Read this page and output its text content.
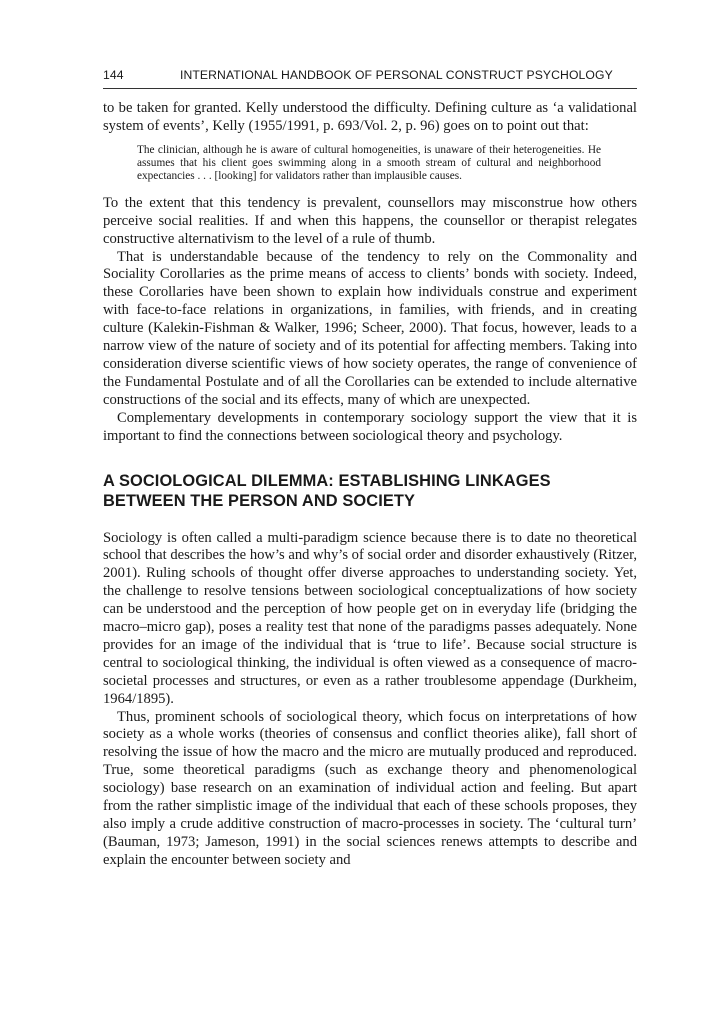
144	INTERNATIONAL HANDBOOK OF PERSONAL CONSTRUCT PSYCHOLOGY

to be taken for granted. Kelly understood the difficulty. Defining culture as ‘a validational system of events’, Kelly (1955/1991, p. 693/Vol. 2, p. 96) goes on to point out that:

The clinician, although he is aware of cultural homogeneities, is unaware of their heterogeneities. He assumes that his client goes swimming along in a smooth stream of cultural and neighborhood expectancies . . . [looking] for validators rather than implausible causes.

To the extent that this tendency is prevalent, counsellors may misconstrue how others perceive social realities. If and when this happens, the counsellor or therapist relegates constructive alternativism to the level of a rule of thumb.

That is understandable because of the tendency to rely on the Commonality and Sociality Corollaries as the prime means of access to clients’ bonds with society. Indeed, these Corollaries have been shown to explain how individuals construe and experiment with face-to-face relations in organizations, in families, with friends, and in creating culture (Kalekin-Fishman & Walker, 1996; Scheer, 2000). That focus, however, leads to a narrow view of the nature of society and of its potential for affecting members. Taking into consideration diverse scientific views of how society operates, the range of convenience of the Fundamental Postulate and of all the Corollaries can be extended to include alternative constructions of the social and its effects, many of which are unexpected.

Complementary developments in contemporary sociology support the view that it is important to find the connections between sociological theory and psychology.

A SOCIOLOGICAL DILEMMA: ESTABLISHING LINKAGES BETWEEN THE PERSON AND SOCIETY

Sociology is often called a multi-paradigm science because there is to date no theoretical school that describes the how’s and why’s of social order and disorder exhaustively (Ritzer, 2001). Ruling schools of thought offer diverse approaches to understanding society. Yet, the challenge to resolve tensions between sociological conceptualizations of how society can be understood and the perception of how people get on in everyday life (bridging the macro–micro gap), poses a reality test that none of the paradigms passes adequately. None provides for an image of the individual that is ‘true to life’. Because social structure is central to sociological thinking, the individual is often viewed as a consequence of macro-societal processes and structures, or even as a rather troublesome appendage (Durkheim, 1964/1895).

Thus, prominent schools of sociological theory, which focus on interpretations of how society as a whole works (theories of consensus and conflict theories alike), fall short of resolving the issue of how the macro and the micro are mutually produced and reproduced. True, some theoretical paradigms (such as exchange theory and phenomenological sociology) base research on an examination of individual action and feeling. But apart from the rather simplistic image of the individual that each of these schools proposes, they also imply a crude additive construction of macro-processes in society. The ‘cultural turn’ (Bauman, 1973; Jameson, 1991) in the social sciences renews attempts to describe and explain the encounter between society and
